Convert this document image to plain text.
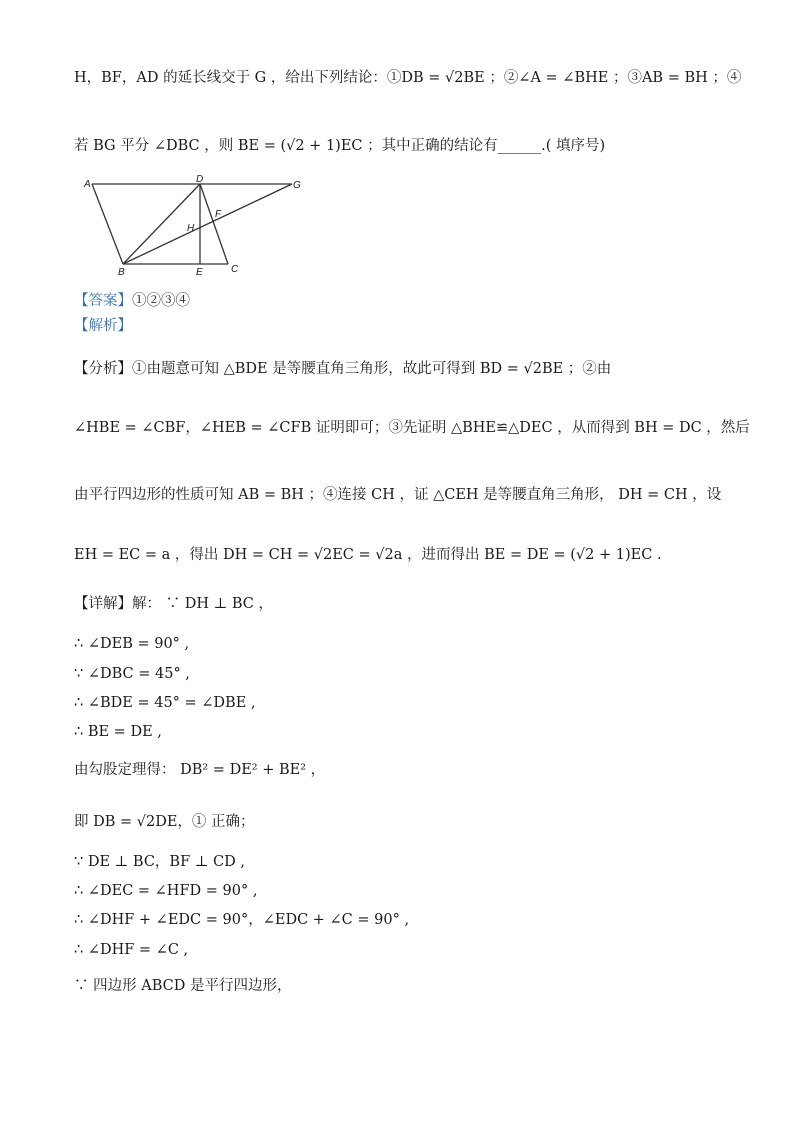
H，BF，AD 的延长线交于 G ，给出下列结论：①DB = √2BE ；②∠A = ∠BHE ；③AB = BH ；④
若 BG 平分 ∠DBC ，则 BE = (√2 + 1)EC ；其中正确的结论有______.( 填序号)
A	D
G
F
H
B	E	C
【答案】①②③④
【解析】
【分析】①由题意可知 △BDE 是等腰直角三角形，故此可得到 BD = √2BE ；②由
∠HBE = ∠CBF，∠HEB = ∠CFB 证明即可；③先证明 △BHE≌△DEC ，从而得到 BH = DC ，然后
由平行四边形的性质可知 AB = BH ；④连接 CH ，证 △CEH 是等腰直角三角形， DH = CH ，设
EH = EC = a ，得出 DH = CH = √2EC = √2a ，进而得出 BE = DE = (√2 + 1)EC .
【详解】解： ∵ DH ⊥ BC ，
∴ ∠DEB = 90° ,
∵ ∠DBC = 45° ,
∴ ∠BDE = 45° = ∠DBE ,
∴ BE = DE ,
由勾股定理得： DB² = DE² + BE² ，
即 DB = √2DE，① 正确；
∵ DE ⊥ BC，BF ⊥ CD ,
∴ ∠DEC = ∠HFD = 90° ,
∴ ∠DHF + ∠EDC = 90°，∠EDC + ∠C = 90° ,
∴ ∠DHF = ∠C ,
∵ 四边形 ABCD 是平行四边形，
